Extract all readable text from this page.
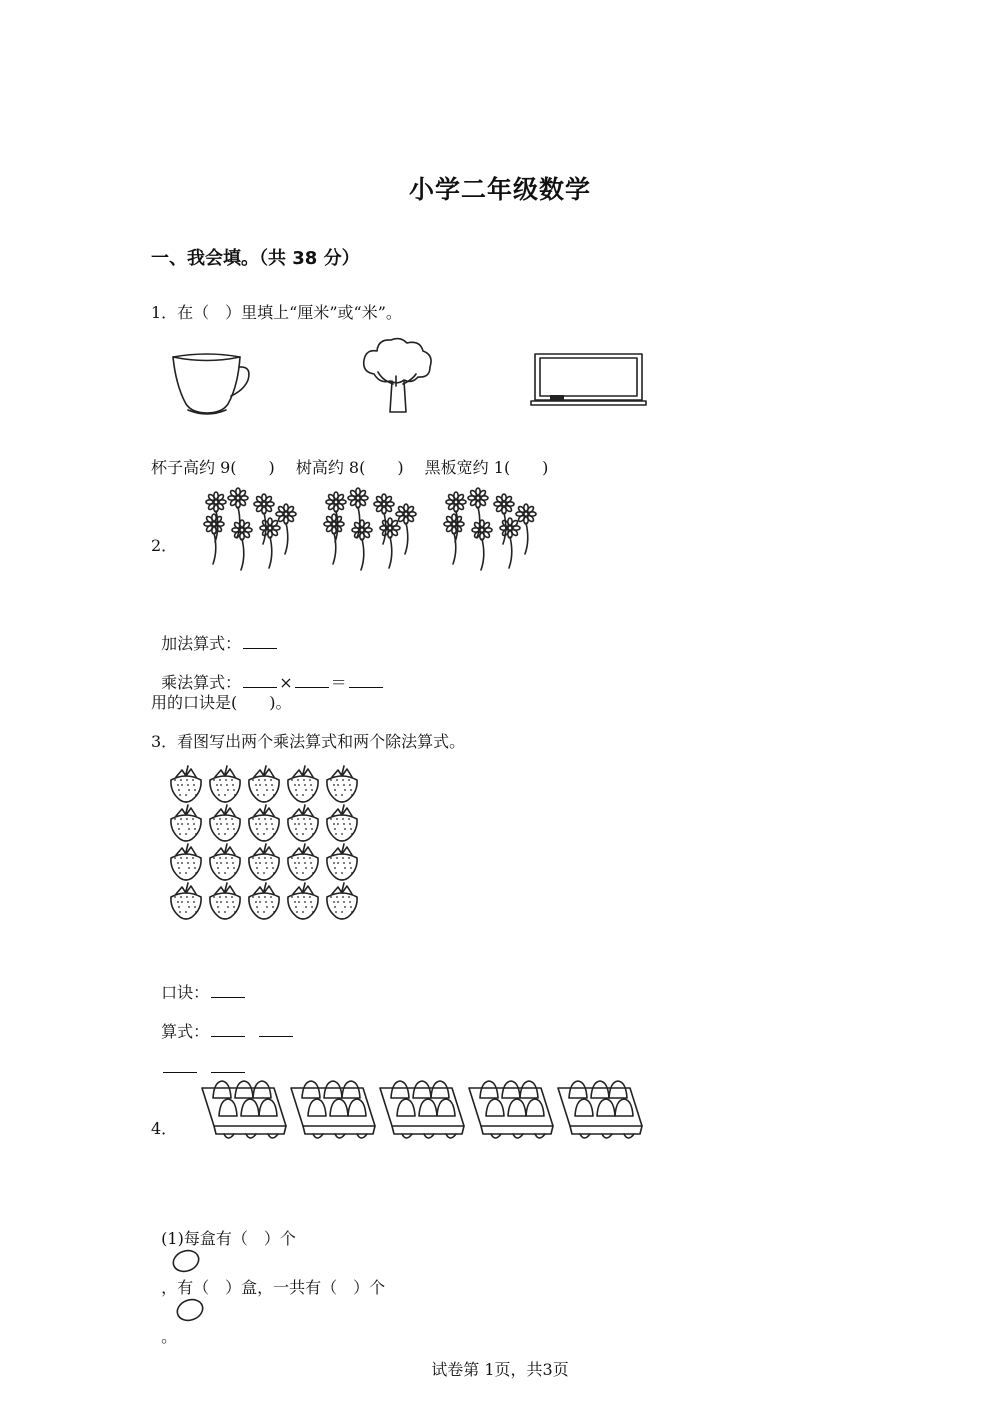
小学二年级数学
一、我会填。（共 38 分）
1．在（　）里填上“厘米”或“米”。
杯子高约 9(　　)　 树高约 8(　　)　 黑板宽约 1(　　)
2．

加法算式：

乘法算式： × ＝

用的口诀是(　　)。
3．看图写出两个乘法算式和两个除法算式。

口诀：

算式：

4．

(1)每盒有（　）个

，有（　）盒，一共有（　）个

。

试卷第 1页，共3页
